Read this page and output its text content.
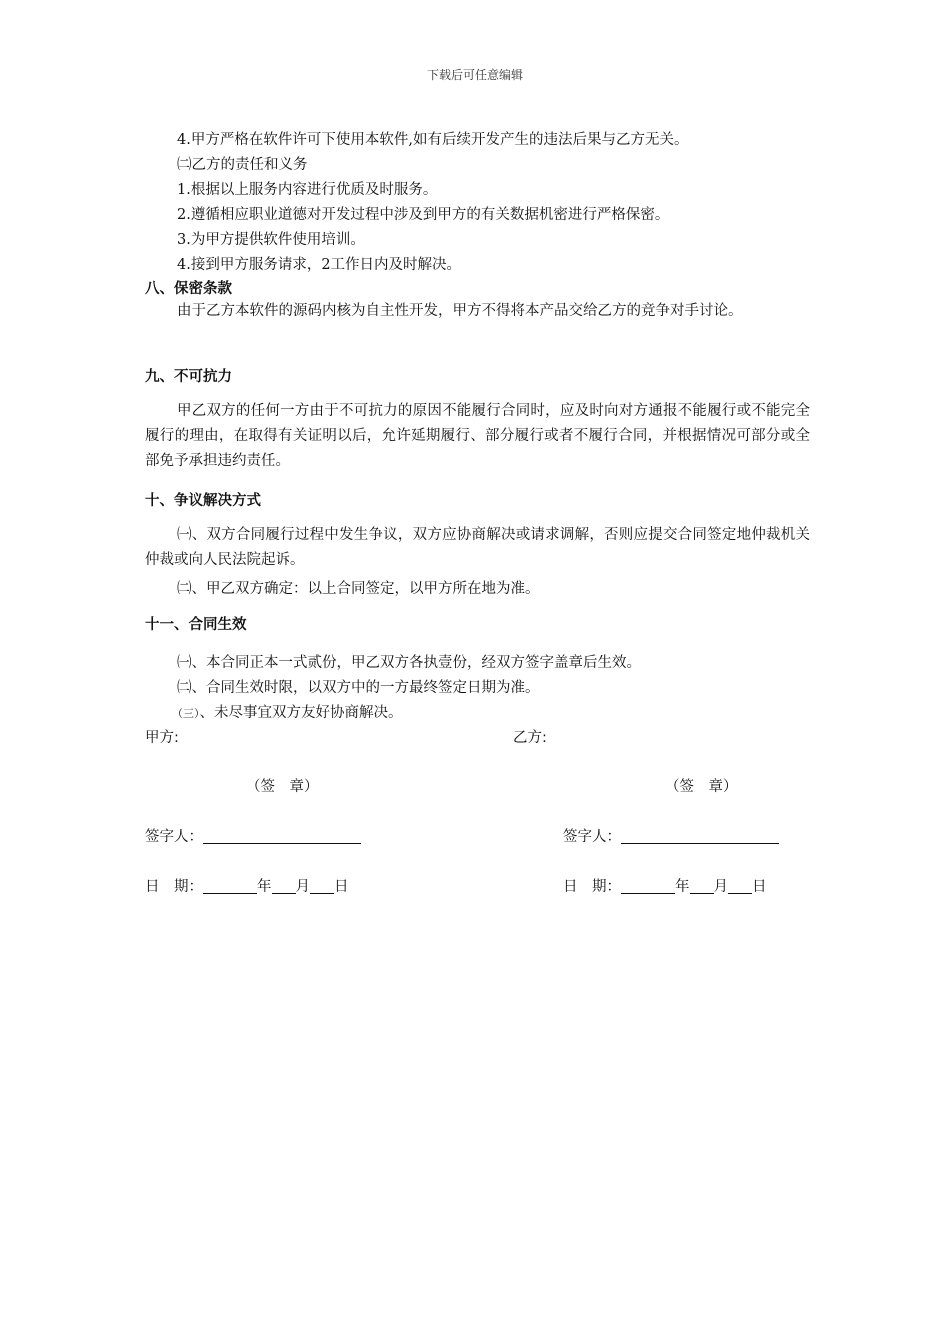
下载后可任意编辑
4.甲方严格在软件许可下使用本软件,如有后续开发产生的违法后果与乙方无关。
㈡乙方的责任和义务
1.根据以上服务内容进行优质及时服务。
2.遵循相应职业道德对开发过程中涉及到甲方的有关数据机密进行严格保密。
3.为甲方提供软件使用培训。
4.接到甲方服务请求，2工作日内及时解决。
八、保密条款
由于乙方本软件的源码内核为自主性开发，甲方不得将本产品交给乙方的竞争对手讨论。
九、不可抗力
甲乙双方的任何一方由于不可抗力的原因不能履行合同时，应及时向对方通报不能履行或不能完全履行的理由，在取得有关证明以后，允许延期履行、部分履行或者不履行合同，并根据情况可部分或全部免予承担违约责任。
十、争议解决方式
㈠、双方合同履行过程中发生争议，双方应协商解决或请求调解，否则应提交合同签定地仲裁机关仲裁或向人民法院起诉。
㈡、甲乙双方确定：以上合同签定，以甲方所在地为准。
十一、合同生效
㈠、本合同正本一式贰份，甲乙双方各执壹份，经双方签字盖章后生效。
㈡、合同生效时限，以双方中的一方最终签定日期为准。
（三）、未尽事宜双方友好协商解决。
甲方:	乙方:
（签　章）	（签　章）
签字人：	签字人：
日　期：	年 月 日	日　期：	年 月 日
